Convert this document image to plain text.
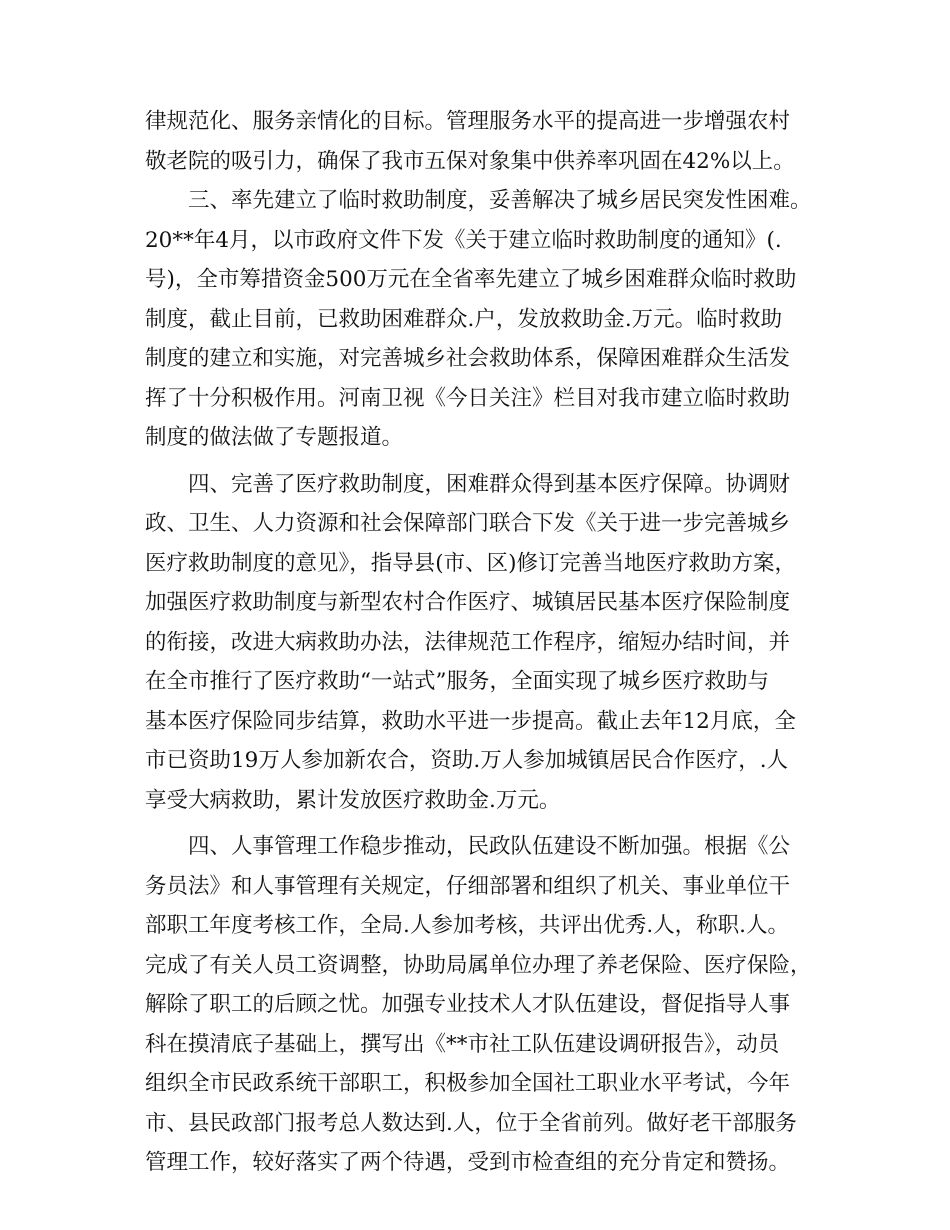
律规范化、服务亲情化的目标。管理服务水平的提高进一步增强农村
敬老院的吸引力，确保了我市五保对象集中供养率巩固在42%以上。
三、率先建立了临时救助制度，妥善解决了城乡居民突发性困难。
20**年4月，以市政府文件下发《关于建立临时救助制度的通知》(.
号)，全市筹措资金500万元在全省率先建立了城乡困难群众临时救助
制度，截止目前，已救助困难群众.户，发放救助金.万元。临时救助
制度的建立和实施，对完善城乡社会救助体系，保障困难群众生活发
挥了十分积极作用。河南卫视《今日关注》栏目对我市建立临时救助
制度的做法做了专题报道。
四、完善了医疗救助制度，困难群众得到基本医疗保障。协调财
政、卫生、人力资源和社会保障部门联合下发《关于进一步完善城乡
医疗救助制度的意见》，指导县(市、区)修订完善当地医疗救助方案，
加强医疗救助制度与新型农村合作医疗、城镇居民基本医疗保险制度
的衔接，改进大病救助办法，法律规范工作程序，缩短办结时间，并
在全市推行了医疗救助“一站式”服务，全面实现了城乡医疗救助与
基本医疗保险同步结算，救助水平进一步提高。截止去年12月底，全
市已资助19万人参加新农合，资助.万人参加城镇居民合作医疗，.人
享受大病救助，累计发放医疗救助金.万元。
四、人事管理工作稳步推动，民政队伍建设不断加强。根据《公
务员法》和人事管理有关规定，仔细部署和组织了机关、事业单位干
部职工年度考核工作，全局.人参加考核，共评出优秀.人，称职.人。
完成了有关人员工资调整，协助局属单位办理了养老保险、医疗保险，
解除了职工的后顾之忧。加强专业技术人才队伍建设，督促指导人事
科在摸清底子基础上，撰写出《**市社工队伍建设调研报告》，动员
组织全市民政系统干部职工，积极参加全国社工职业水平考试，今年
市、县民政部门报考总人数达到.人，位于全省前列。做好老干部服务
管理工作，较好落实了两个待遇，受到市检查组的充分肯定和赞扬。
